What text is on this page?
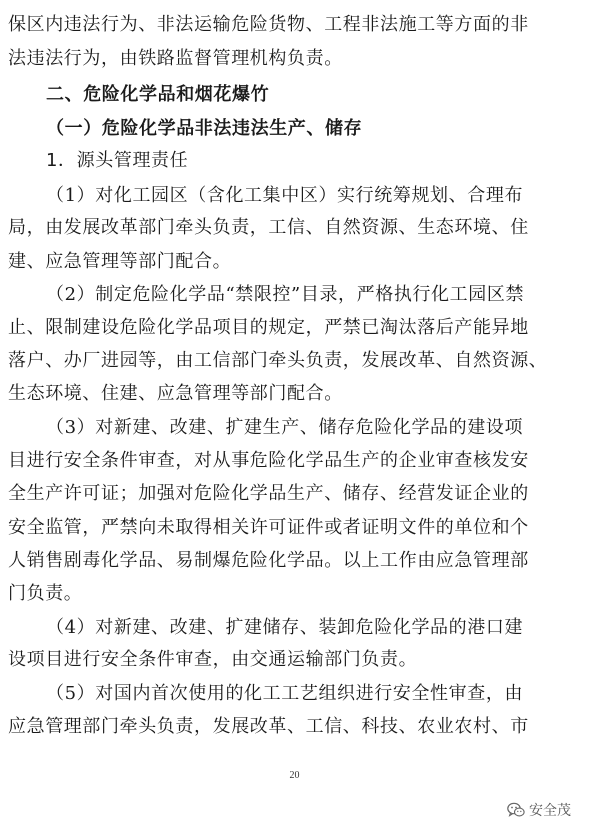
保区内违法行为、非法运输危险货物、工程非法施工等方面的非
法违法行为，由铁路监督管理机构负责。
二、危险化学品和烟花爆竹
（一）危险化学品非法违法生产、储存
1．源头管理责任
（1）对化工园区（含化工集中区）实行统筹规划、合理布
局，由发展改革部门牵头负责，工信、自然资源、生态环境、住
建、应急管理等部门配合。
（2）制定危险化学品“禁限控”目录，严格执行化工园区禁
止、限制建设危险化学品项目的规定，严禁已淘汰落后产能异地
落户、办厂进园等，由工信部门牵头负责，发展改革、自然资源、
生态环境、住建、应急管理等部门配合。
（3）对新建、改建、扩建生产、储存危险化学品的建设项
目进行安全条件审查，对从事危险化学品生产的企业审查核发安
全生产许可证；加强对危险化学品生产、储存、经营发证企业的
安全监管，严禁向未取得相关许可证件或者证明文件的单位和个
人销售剧毒化学品、易制爆危险化学品。以上工作由应急管理部
门负责。
（4）对新建、改建、扩建储存、装卸危险化学品的港口建
设项目进行安全条件审查，由交通运输部门负责。
（5）对国内首次使用的化工工艺组织进行安全性审查，由
应急管理部门牵头负责，发展改革、工信、科技、农业农村、市
20
安全茂
